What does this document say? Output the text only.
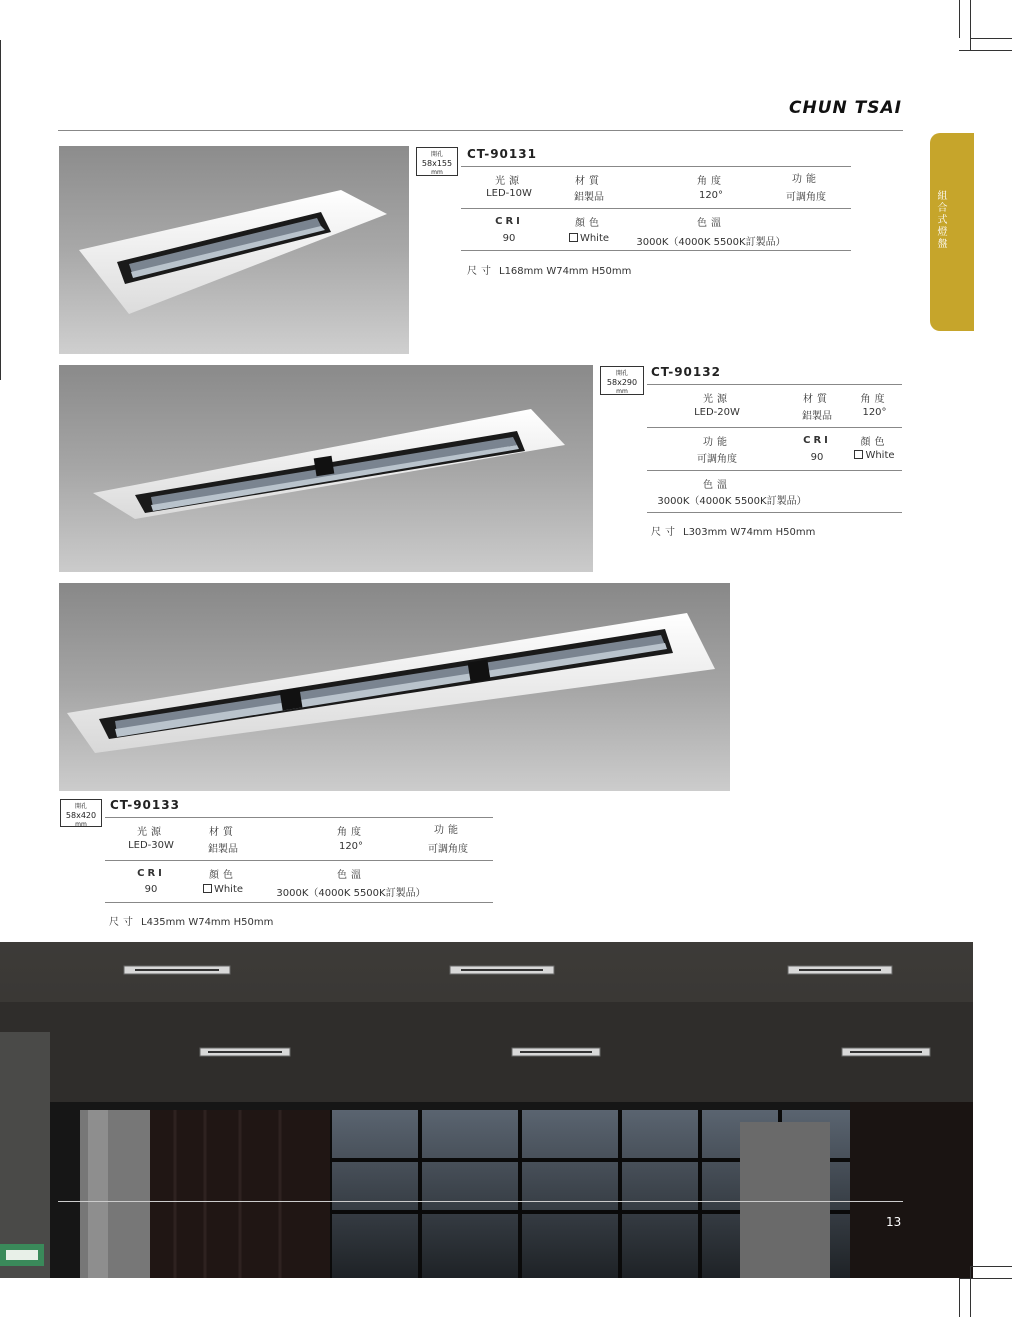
CHUN TSAI
組合式燈盤
開孔
58x155

mm
CT-90131
光源	材質	角度	功能
LED-10W	鋁製品	120°	可調角度
CRI	顏色	色溫
90	White	3000K（4000K 5500K訂製品）
尺寸 L168mm W74mm H50mm
開孔
58x290

mm
CT-90132
光源	材質	角度
LED-20W	鋁製品	120°
功能	CRI	顏色
可調角度	90	White
色溫
3000K（4000K 5500K訂製品）
尺寸 L303mm W74mm H50mm
開孔
58x420

mm
CT-90133
光源	材質	角度	功能
LED-30W	鋁製品	120°	可調角度
CRI	顏色	色溫
90	White	3000K（4000K 5500K訂製品）
尺寸 L435mm W74mm H50mm
13
